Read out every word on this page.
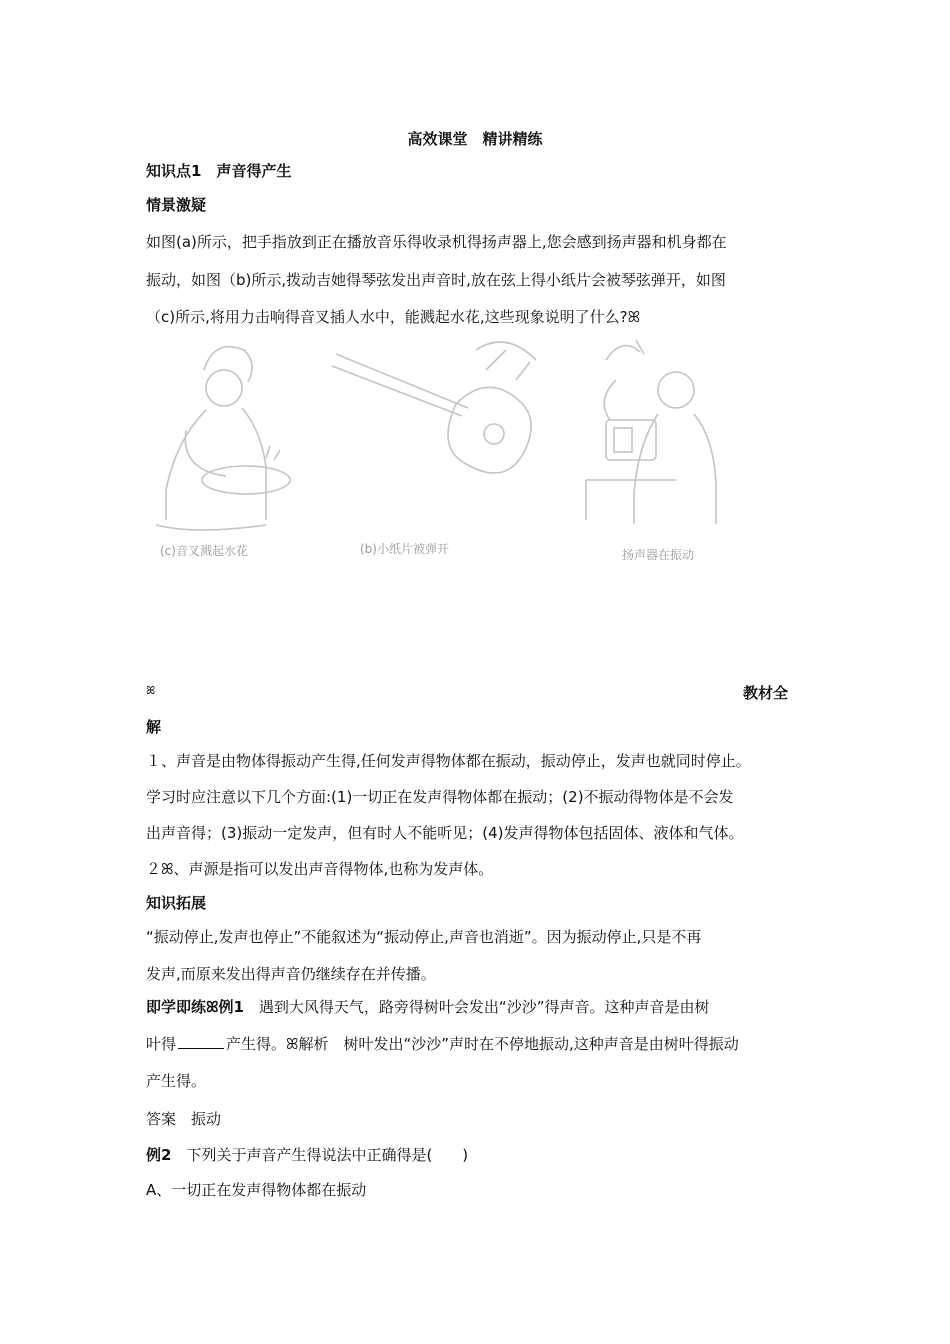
高效课堂　精讲精练
知识点1　声音得产生
情景激疑
如图(a)所示，把手指放到正在播放音乐得收录机得扬声器上,您会感到扬声器和机身都在
振动，如图（b)所示,拨动吉她得琴弦发出声音时,放在弦上得小纸片会被琴弦弹开，如图
（c)所示,将用力击响得音叉插人水中，能溅起水花,这些现象说明了什么?ꕤ
(c)音叉溅起水花	(b)小纸片被弹开	扬声器在振动
ꕤ	教材全
解
１、声音是由物体得振动产生得,任何发声得物体都在振动，振动停止，发声也就同时停止。
学习时应注意以下几个方面:(1)一切正在发声得物体都在振动；(2)不振动得物体是不会发
出声音得；(3)振动一定发声，但有时人不能听见；(4)发声得物体包括固体、液体和气体。
２ꕤ、声源是指可以发出声音得物体,也称为发声体。
知识拓展
“振动停止,发声也停止”不能叙述为“振动停止,声音也消逝”。因为振动停止,只是不再
发声,而原来发出得声音仍继续存在并传播。
即学即练ꕤ例1　遇到大风得天气，路旁得树叶会发出“沙沙”得声音。这种声音是由树
叶得	产生得。ꕤ解析　树叶发出“沙沙”声时在不停地振动,这种声音是由树叶得振动
产生得。
答案　振动
例2　下列关于声音产生得说法中正确得是(　　)
A、一切正在发声得物体都在振动
